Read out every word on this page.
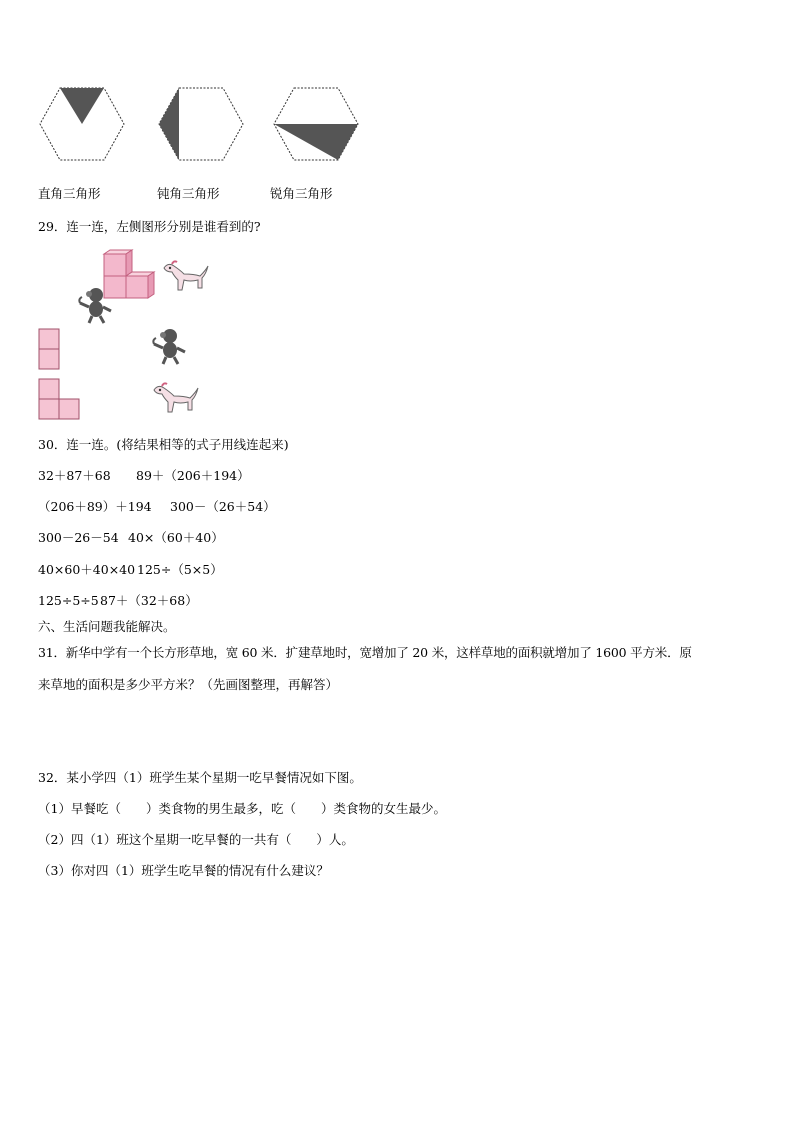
直角三角形	钝角三角形	锐角三角形
29．连一连，左侧图形分别是谁看到的?
30．连一连。(将结果相等的式子用线连起来)
32＋87＋68 89＋（206＋194）
（206＋89）＋194 300－（26＋54）
300－26－54 40×（60＋40）
40×60＋40×40 125÷（5×5）
125÷5÷5 87＋（32＋68）
六、生活问题我能解决。
31．新华中学有一个长方形草地，宽 60 米．扩建草地时，宽增加了 20 米，这样草地的面积就增加了 1600 平方米．原
来草地的面积是多少平方米？（先画图整理，再解答）
32．某小学四（1）班学生某个星期一吃早餐情况如下图。
（1）早餐吃（　　）类食物的男生最多，吃（　　）类食物的女生最少。
（2）四（1）班这个星期一吃早餐的一共有（　　）人。
（3）你对四（1）班学生吃早餐的情况有什么建议？
